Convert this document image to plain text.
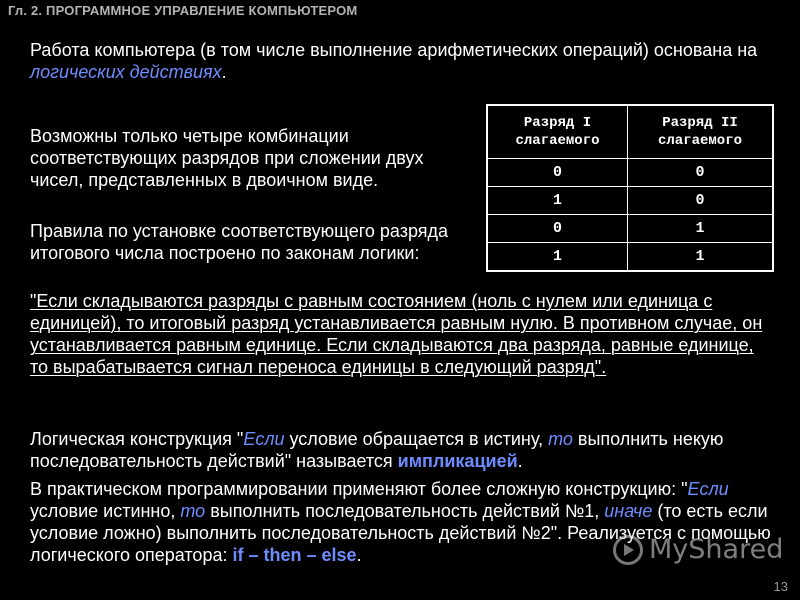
Гл. 2. ПРОГРАММНОЕ УПРАВЛЕНИЕ КОМПЬЮТЕРОМ
Работа компьютера (в том числе выполнение арифметических операций) основана на логических действиях.
Возможны только четыре комбинации соответствующих разрядов при сложении двух чисел, представленных в двоичном виде.
Правила по установке соответствующего разряда итогового числа построено по законам логики:
Разряд I слагаемого	Разряд II слагаемого
0	0
1	0
0	1
1	1
"Если складываются разряды с равным состоянием (ноль с нулем или единица с единицей), то итоговый разряд устанавливается равным нулю. В противном случае, он устанавливается равным единице. Если складываются два разряда, равные единице, то вырабатывается сигнал переноса единицы в следующий разряд".
Логическая конструкция "Если условие обращается в истину, то выполнить некую последовательность действий" называется импликацией.
В практическом программировании применяют более сложную конструкцию: "Если условие истинно, то выполнить последовательность действий №1, иначе (то есть если условие ложно) выполнить последовательность действий №2". Реализуется с помощью логического оператора: if – then – else.	MyShared
13
